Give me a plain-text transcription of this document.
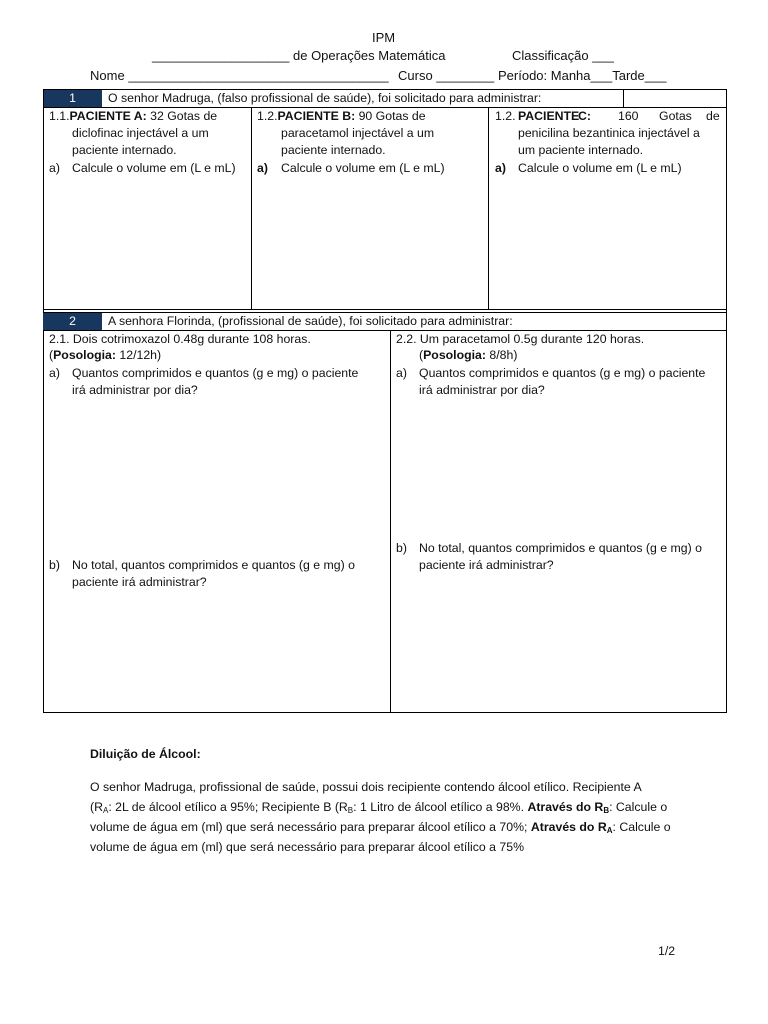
IPM
___________________ de Operações Matemática	Classificação ___
Nome ____________________________________ Curso ________ Período: Manha___Tarde___
1	O senhor Madruga, (falso profissional de saúde), foi solicitado para administrar:
1.1.PACIENTE A: 32 Gotas de
diclofinac injectável a um
paciente internado.
a) Calcule o volume em (L e mL)
1.2.PACIENTE B: 90 Gotas de
paracetamol injectável a um
paciente internado.
a) Calcule o volume em (L e mL)
1.2. PACIENTE
C: 160 Gotas de
penicilina bezantinica injectável a
um paciente internado.
a) Calcule o volume em (L e mL)
2	A senhora Florinda, (profissional de saúde), foi solicitado para administrar:
2.1. Dois cotrimoxazol 0.48g durante 108 horas.
(Posologia: 12/12h)
a) Quantos comprimidos e quantos (g e mg) o paciente
irá administrar por dia?
b) No total, quantos comprimidos e quantos (g e mg) o
paciente irá administrar?
2.2. Um paracetamol 0.5g durante 120 horas.
(Posologia: 8/8h)
a) Quantos comprimidos e quantos (g e mg) o paciente
irá administrar por dia?
b) No total, quantos comprimidos e quantos (g e mg) o
paciente irá administrar?
Diluição de Álcool:
O senhor Madruga, profissional de saúde, possui dois recipiente contendo álcool etílico. Recipiente A
($R_A$: 2L de álcool etílico a 95%; Recipiente B ($R_B$: 1 Litro de álcool etílico a 98%. Através do $R_B$: Calcule o
volume de água em (ml) que será necessário para preparar álcool etílico a 70%; Através do $R_A$: Calcule o
volume de água em (ml) que será necessário para preparar álcool etílico a 75%
1/2
